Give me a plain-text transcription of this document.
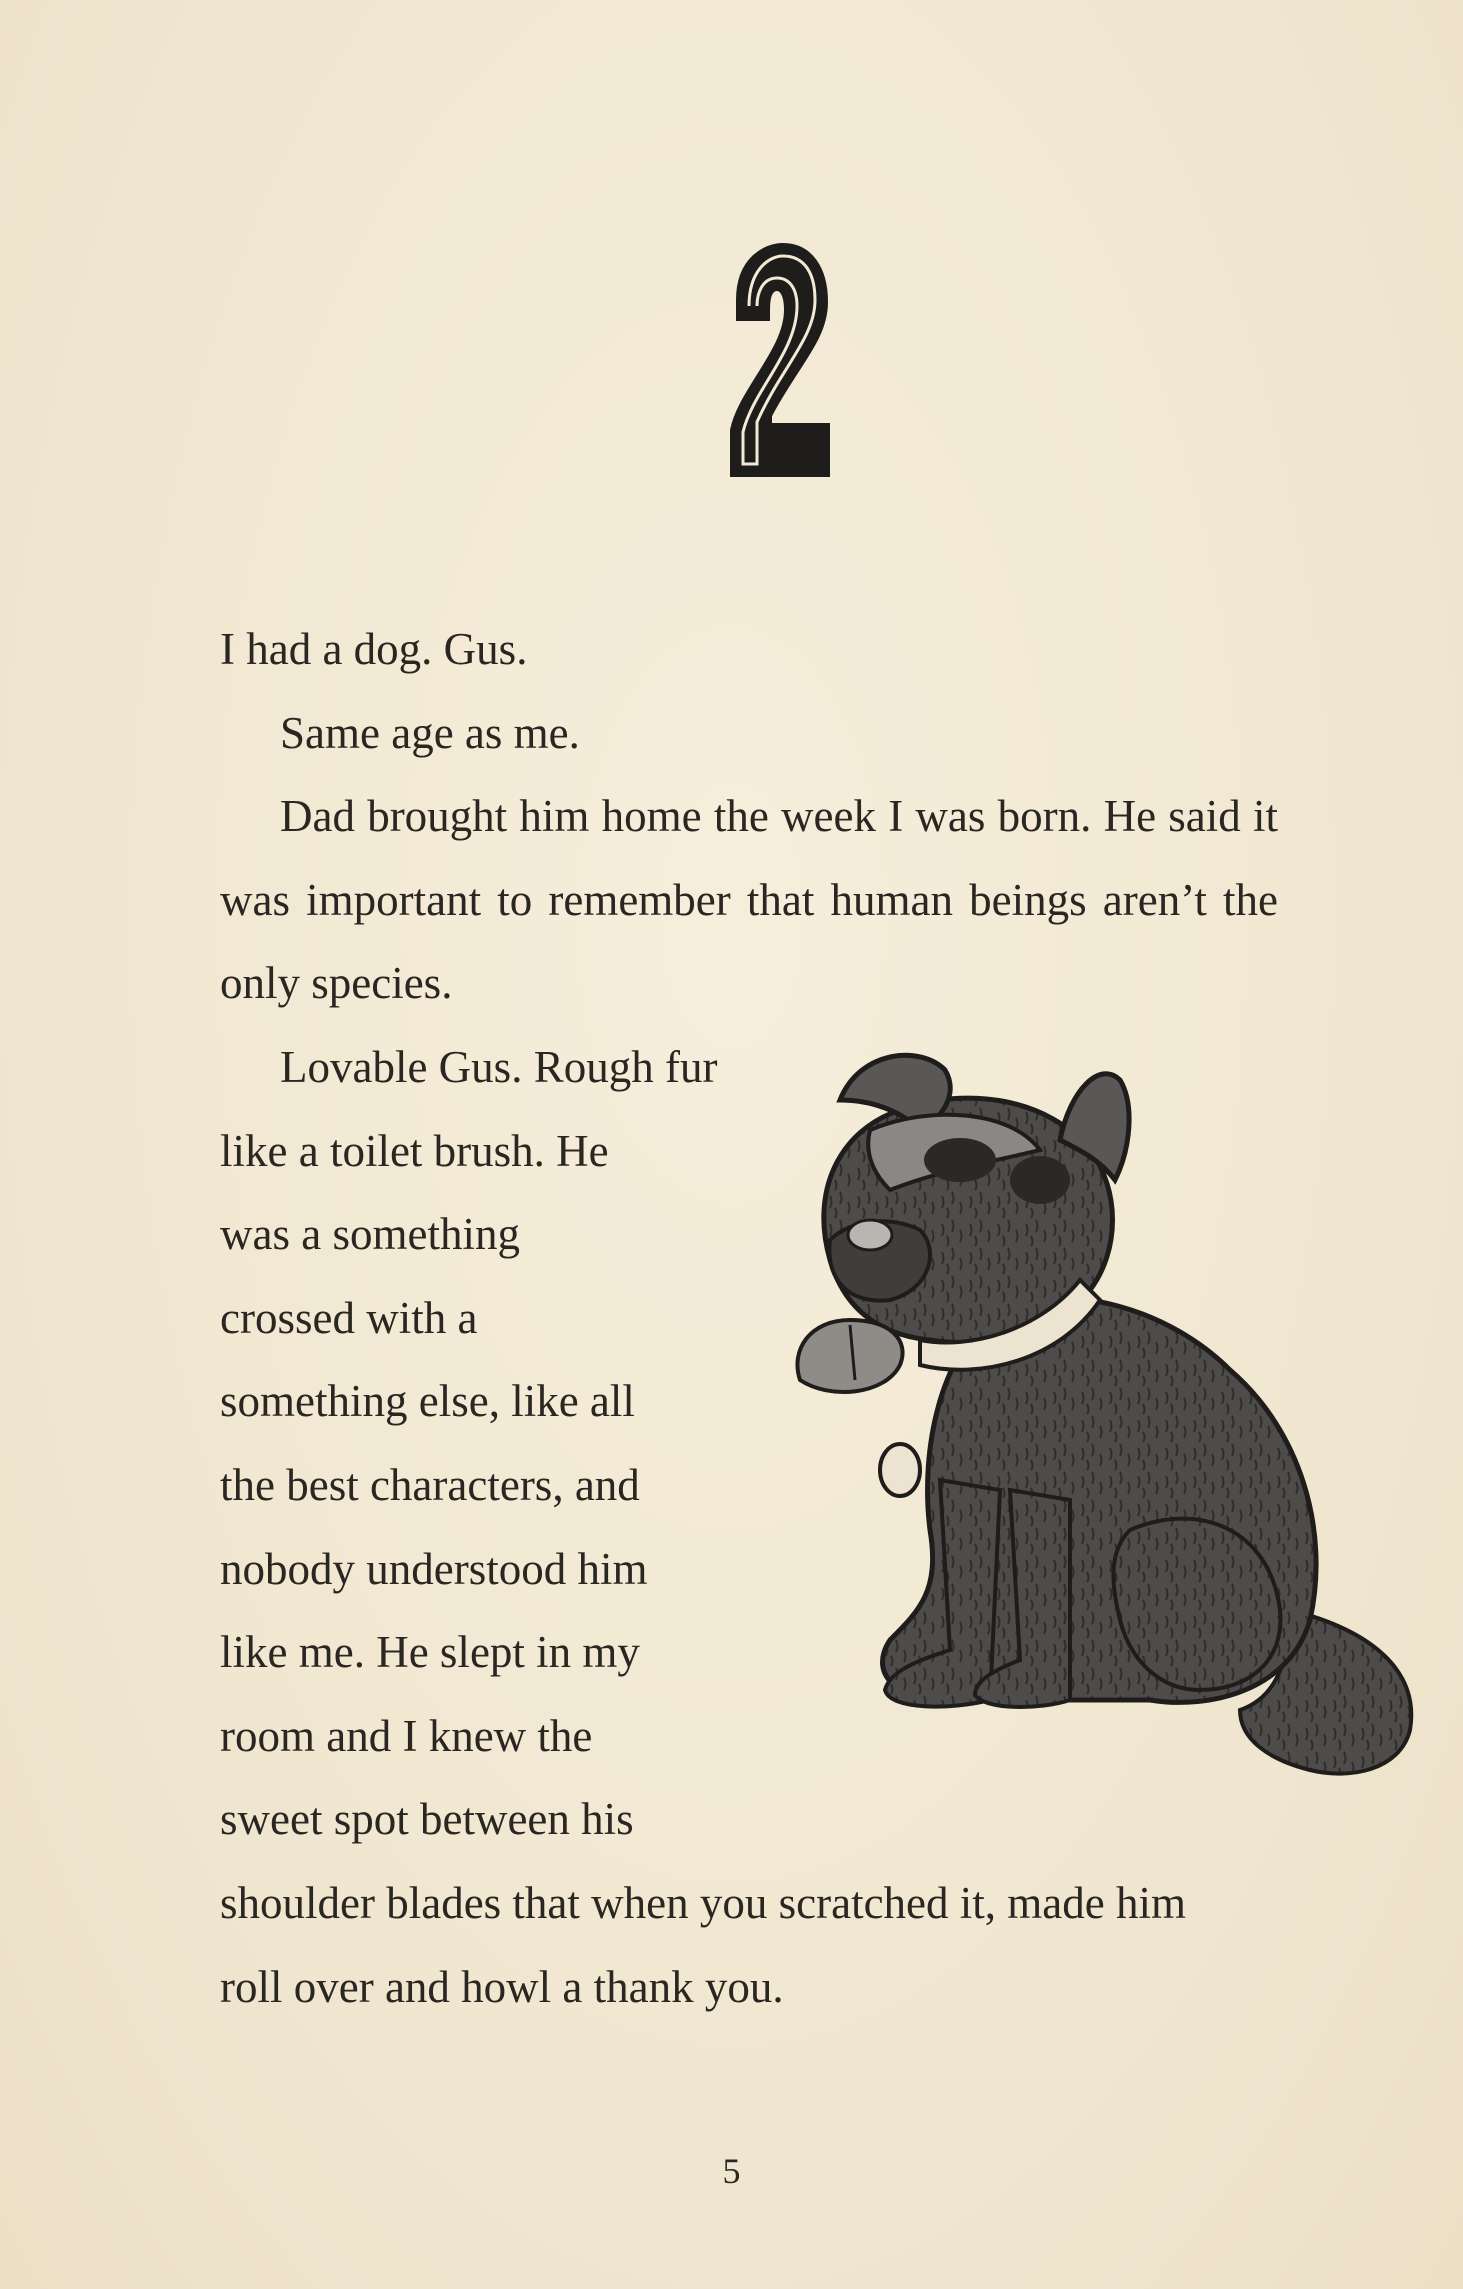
I had a dog. Gus.

Same age as me.

Dad brought him home the week I was born. He said it was important to remember that human beings aren’t the only species.

Lovable Gus. Rough fur
like a toilet brush. He
was a something
crossed with a
something else, like all
the best characters, and
nobody understood him
like me. He slept in my
room and I knew the
sweet spot between his
shoulder blades that when you scratched it, made him roll over and howl a thank you.
5
